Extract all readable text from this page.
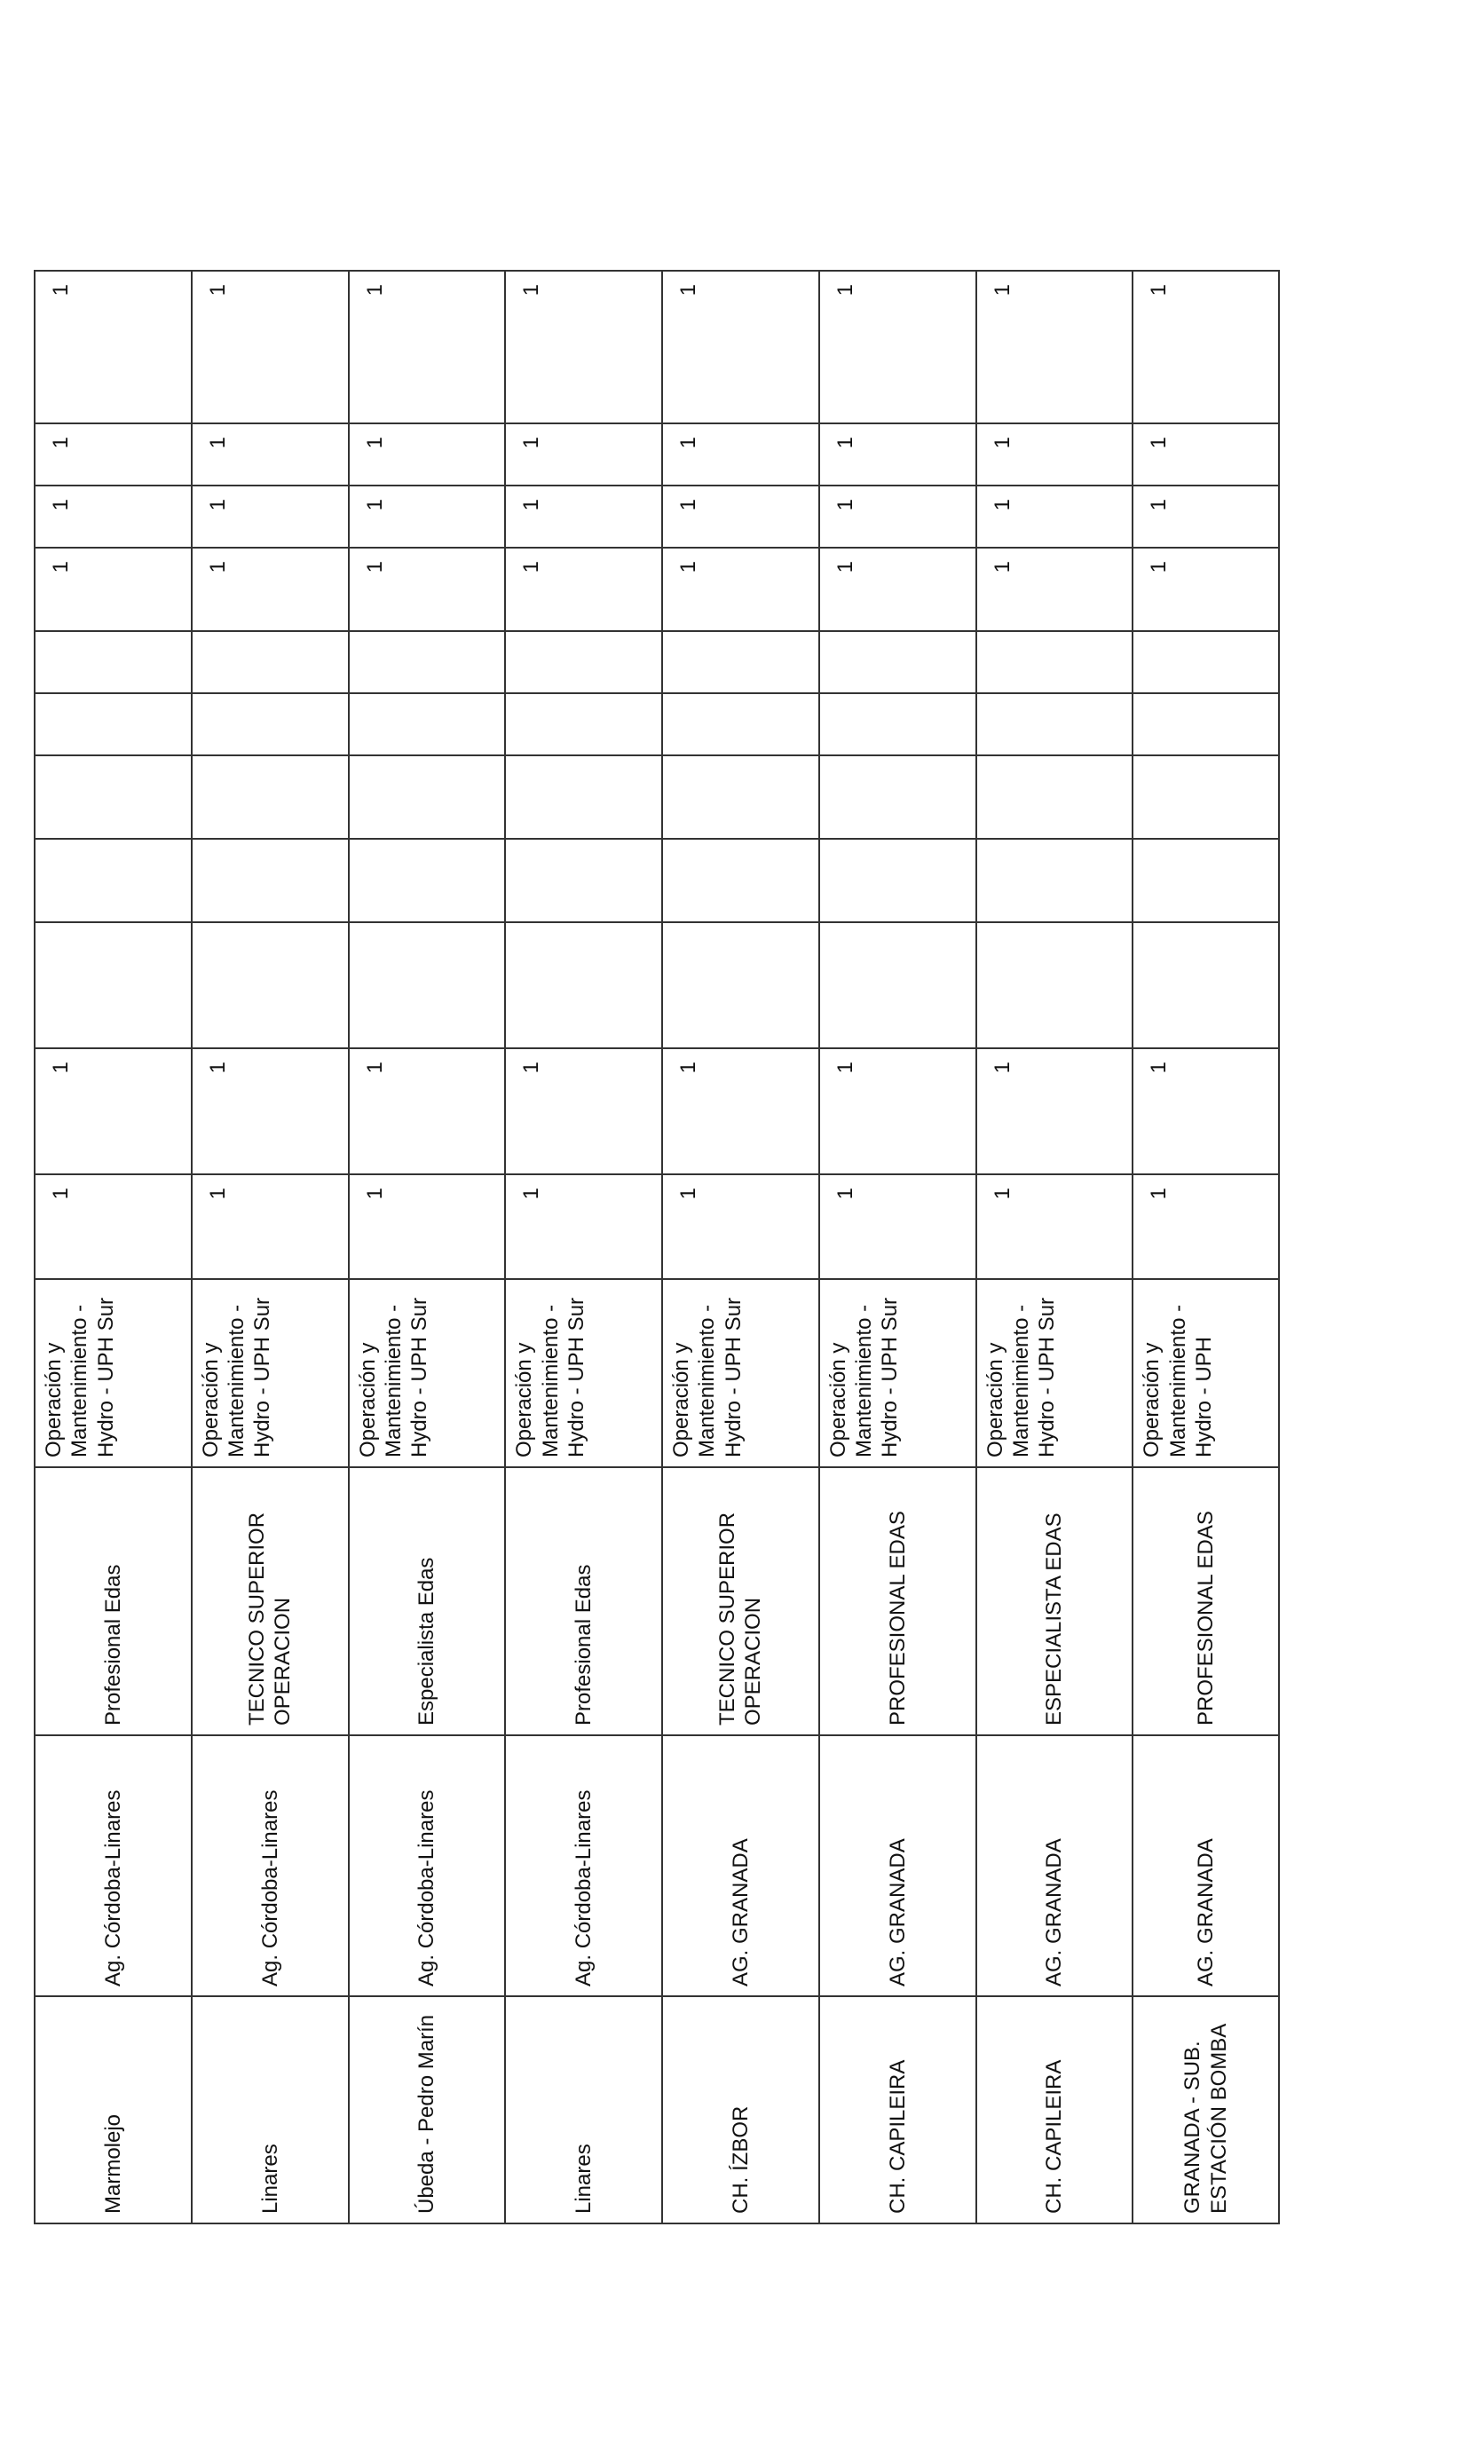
Marmolejo	Ag. Córdoba-Linares	Profesional Edas	Operación y Mantenimiento - Hydro - UPH Sur	1	1						1	1	1	1
Linares	Ag. Córdoba-Linares	TECNICO SUPERIOR OPERACION	Operación y Mantenimiento - Hydro - UPH Sur	1	1						1	1	1	1
Úbeda - Pedro Marín	Ag. Córdoba-Linares	Especialista Edas	Operación y Mantenimiento - Hydro - UPH Sur	1	1						1	1	1	1
Linares	Ag. Córdoba-Linares	Profesional Edas	Operación y Mantenimiento - Hydro - UPH Sur	1	1						1	1	1	1
CH. ÍZBOR	AG. GRANADA	TECNICO SUPERIOR OPERACION	Operación y Mantenimiento - Hydro - UPH Sur	1	1						1	1	1	1
CH. CAPILEIRA	AG. GRANADA	PROFESIONAL EDAS	Operación y Mantenimiento - Hydro - UPH Sur	1	1						1	1	1	1
CH. CAPILEIRA	AG. GRANADA	ESPECIALISTA EDAS	Operación y Mantenimiento - Hydro - UPH Sur	1	1						1	1	1	1
GRANADA - SUB. ESTACIÓN BOMBA	AG. GRANADA	PROFESIONAL EDAS	Operación y Mantenimiento - Hydro - UPH	1	1						1	1	1	1
